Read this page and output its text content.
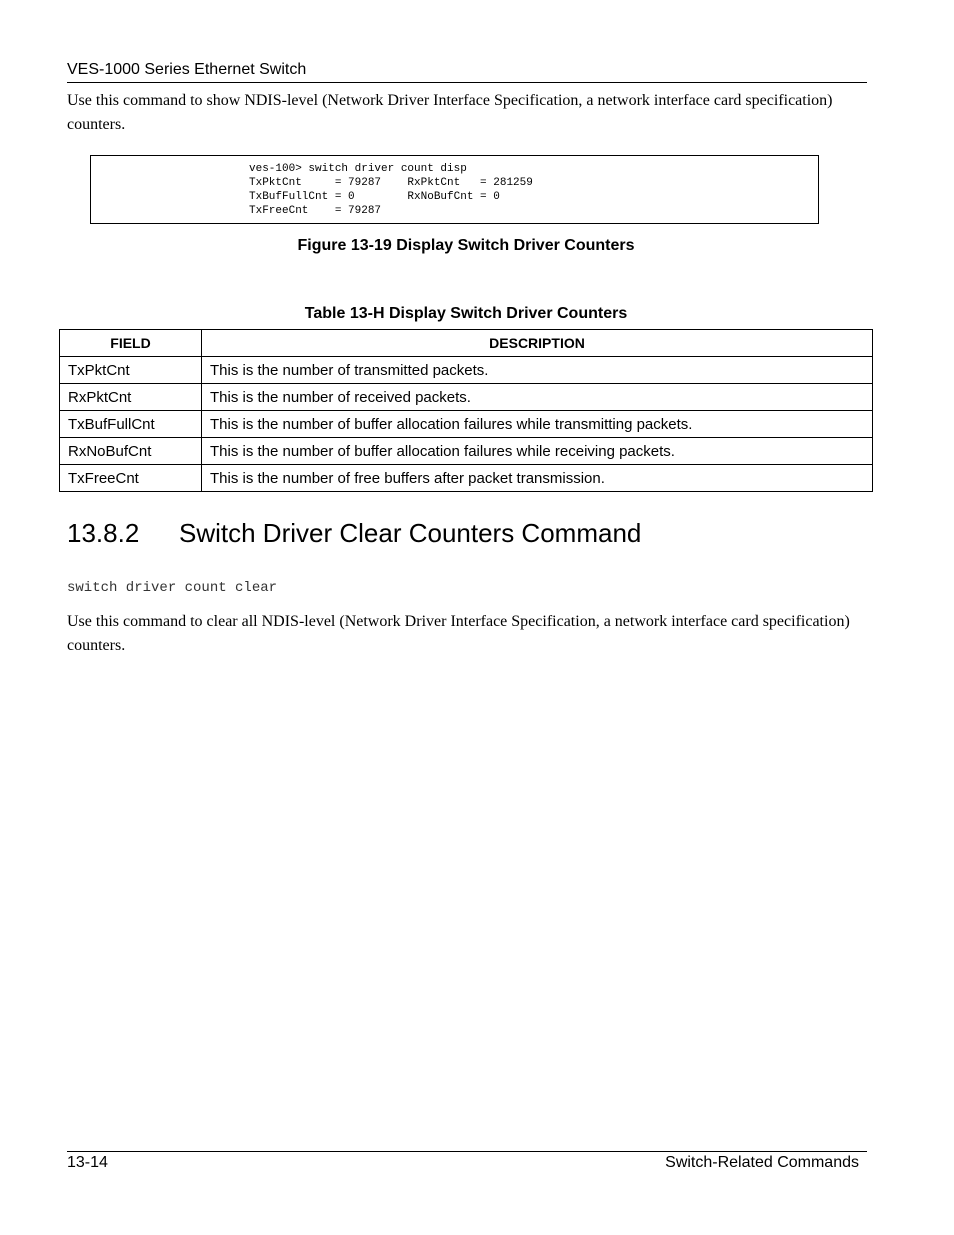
VES-1000 Series Ethernet Switch
Use this command to show NDIS-level (Network Driver Interface Specification, a network interface card specification) counters.
ves-100> switch driver count disp
TxPktCnt     = 79287    RxPktCnt   = 281259
TxBufFullCnt = 0        RxNoBufCnt = 0
TxFreeCnt    = 79287
Figure 13-19 Display Switch Driver Counters
Table 13-H Display Switch Driver Counters
FIELD	DESCRIPTION
TxPktCnt	This is the number of transmitted packets.
RxPktCnt	This is the number of received packets.
TxBufFullCnt	This is the number of buffer allocation failures while transmitting packets.
RxNoBufCnt	This is the number of buffer allocation failures while receiving packets.
TxFreeCnt	This is the number of free buffers after packet transmission.
13.8.2 Switch Driver Clear Counters Command
switch driver count clear
Use this command to clear all NDIS-level (Network Driver Interface Specification, a network interface card specification) counters.
13-14	Switch-Related Commands
